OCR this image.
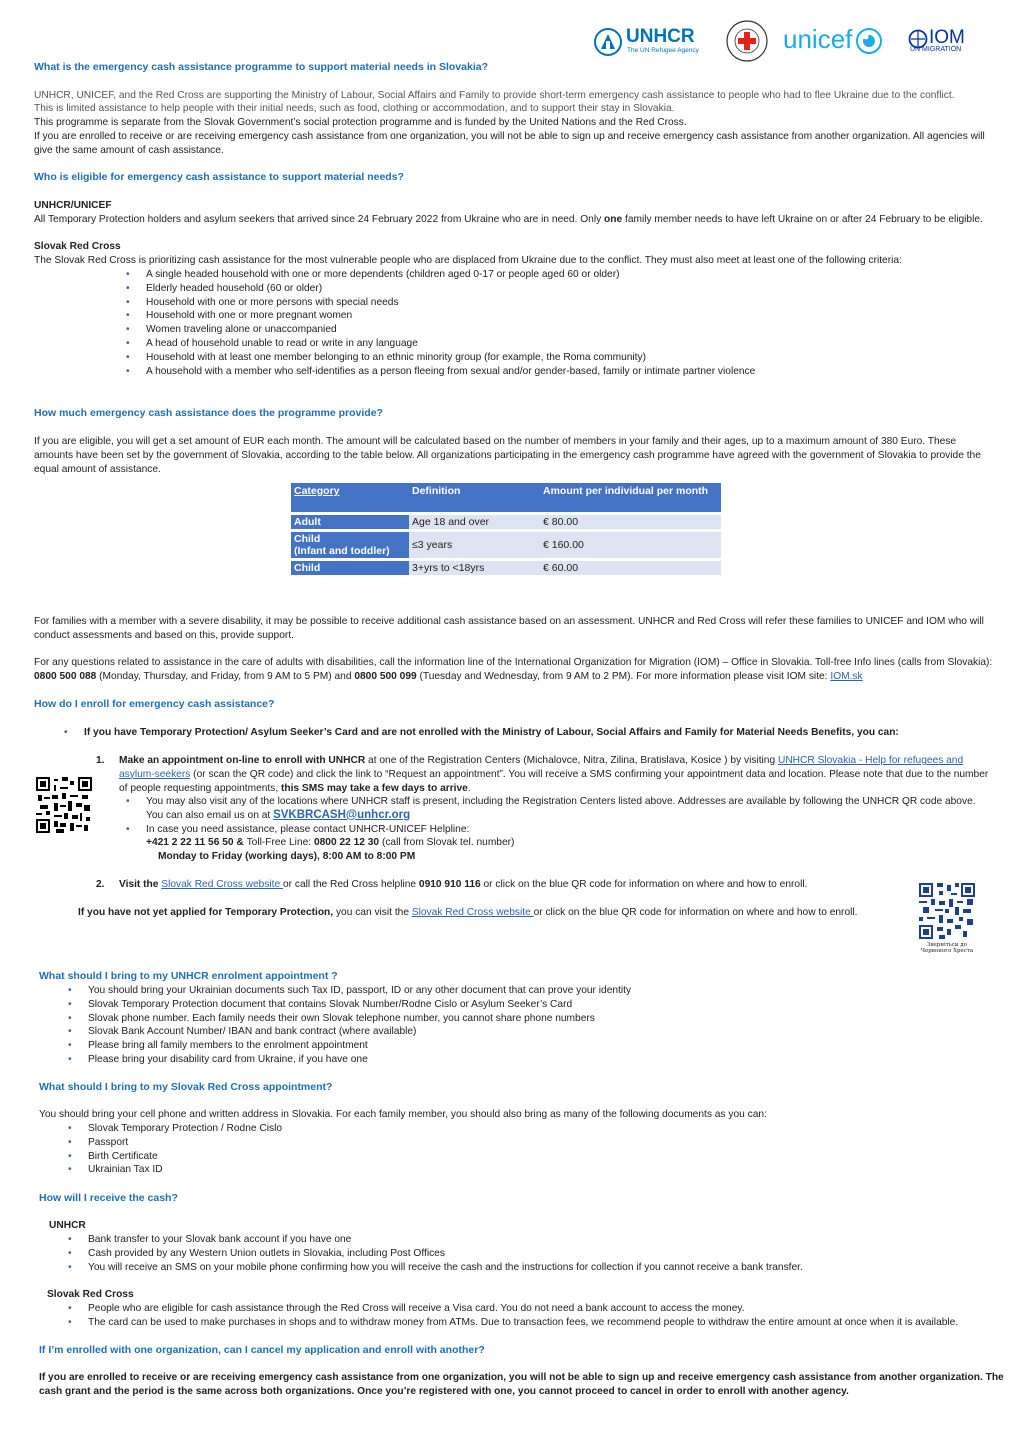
UNHCR
The UN Refugee Agency	unicef	IOM
UN MIGRATION
What is the emergency cash assistance programme to support material needs in Slovakia?
UNHCR, UNICEF, and the Red Cross are supporting the Ministry of Labour, Social Affairs and Family to provide short-term emergency cash assistance to people who had to flee Ukraine due to the conflict.
This is limited assistance to help people with their initial needs, such as food, clothing or accommodation, and to support their stay in Slovakia.
This programme is separate from the Slovak Government’s social protection programme and is funded by the United Nations and the Red Cross.
If you are enrolled to receive or are receiving emergency cash assistance from one organization, you will not be able to sign up and receive emergency cash assistance from another organization. All agencies will give the same amount of cash assistance.
Who is eligible for emergency cash assistance to support material needs?
UNHCR/UNICEF
All Temporary Protection holders and asylum seekers that arrived since 24 February 2022 from Ukraine who are in need. Only one family member needs to have left Ukraine on or after 24 February to be eligible.
Slovak Red Cross
The Slovak Red Cross is prioritizing cash assistance for the most vulnerable people who are displaced from Ukraine due to the conflict. They must also meet at least one of the following criteria:
• A single headed household with one or more dependents (children aged 0-17 or people aged 60 or older)
• Elderly headed household (60 or older)
• Household with one or more persons with special needs
• Household with one or more pregnant women
• Women traveling alone or unaccompanied
• A head of household unable to read or write in any language
• Household with at least one member belonging to an ethnic minority group (for example, the Roma community)
• A household with a member who self-identifies as a person fleeing from sexual and/or gender-based, family or intimate partner violence
How much emergency cash assistance does the programme provide?
If you are eligible, you will get a set amount of EUR each month. The amount will be calculated based on the number of members in your family and their ages, up to a maximum amount of 380 Euro. These amounts have been set by the government of Slovakia, according to the table below. All organizations participating in the emergency cash programme have agreed with the government of Slovakia to provide the equal amount of assistance.
Category	Definition	Amount per individual per month

Adult	Age 18 and over	€ 80.00

Child
(Infant and toddler)	≤3 years	€ 160.00

Child	3+yrs to <18yrs	€ 60.00
For families with a member with a severe disability, it may be possible to receive additional cash assistance based on an assessment. UNHCR and Red Cross will refer these families to UNICEF and IOM who will conduct assessments and based on this, provide support.
For any questions related to assistance in the care of adults with disabilities, call the information line of the International Organization for Migration (IOM) – Office in Slovakia. Toll-free Info lines (calls from Slovakia): 0800 500 088 (Monday, Thursday, and Friday, from 9 AM to 5 PM) and 0800 500 099 (Tuesday and Wednesday, from 9 AM to 2 PM). For more information please visit IOM site: IOM.sk
How do I enroll for emergency cash assistance?
• If you have Temporary Protection/ Asylum Seeker’s Card and are not enrolled with the Ministry of Labour, Social Affairs and Family for Material Needs Benefits, you can:
1. Make an appointment on-line to enroll with UNHCR at one of the Registration Centers (Michalovce, Nitra, Zilina, Bratislava, Kosice ) by visiting UNHCR Slovakia - Help for refugees and asylum-seekers (or scan the QR code) and click the link to “Request an appointment”. You will receive a SMS confirming your appointment data and location. Please note that due to the number of people requesting appointments, this SMS may take a few days to arrive.
• You may also visit any of the locations where UNHCR staff is present, including the Registration Centers listed above. Addresses are available by following the UNHCR QR code above.
You can also email us on at SVKBRCASH@unhcr.org
• In case you need assistance, please contact UNHCR-UNICEF Helpline:
+421 2 22 11 56 50 & Toll-Free Line: 0800 22 12 30 (call from Slovak tel. number)
Monday to Friday (working days), 8:00 AM to 8:00 PM
2. Visit the Slovak Red Cross website or call the Red Cross helpline 0910 910 116 or click on the blue QR code for information on where and how to enroll.
If you have not yet applied for Temporary Protection, you can visit the Slovak Red Cross website or click on the blue QR code for information on where and how to enroll.
Звернітьси до
Червоного Хреста
What should I bring to my UNHCR enrolment appointment ?
• You should bring your Ukrainian documents such Tax ID, passport, ID or any other document that can prove your identity
• Slovak Temporary Protection document that contains Slovak Number/Rodne Cislo or Asylum Seeker’s Card
• Slovak phone number. Each family needs their own Slovak telephone number, you cannot share phone numbers
• Slovak Bank Account Number/ IBAN and bank contract (where available)
• Please bring all family members to the enrolment appointment
• Please bring your disability card from Ukraine, if you have one
What should I bring to my Slovak Red Cross appointment?
You should bring your cell phone and written address in Slovakia. For each family member, you should also bring as many of the following documents as you can:
• Slovak Temporary Protection / Rodne Cislo
• Passport
• Birth Certificate
• Ukrainian Tax ID
How will I receive the cash?
UNHCR
• Bank transfer to your Slovak bank account if you have one
• Cash provided by any Western Union outlets in Slovakia, including Post Offices
• You will receive an SMS on your mobile phone confirming how you will receive the cash and the instructions for collection if you cannot receive a bank transfer.
Slovak Red Cross
• People who are eligible for cash assistance through the Red Cross will receive a Visa card. You do not need a bank account to access the money.
• The card can be used to make purchases in shops and to withdraw money from ATMs. Due to transaction fees, we recommend people to withdraw the entire amount at once when it is available.
If I’m enrolled with one organization, can I cancel my application and enroll with another?
If you are enrolled to receive or are receiving emergency cash assistance from one organization, you will not be able to sign up and receive emergency cash assistance from another organization. The cash grant and the period is the same across both organizations. Once you’re registered with one, you cannot proceed to cancel in order to enroll with another agency.
